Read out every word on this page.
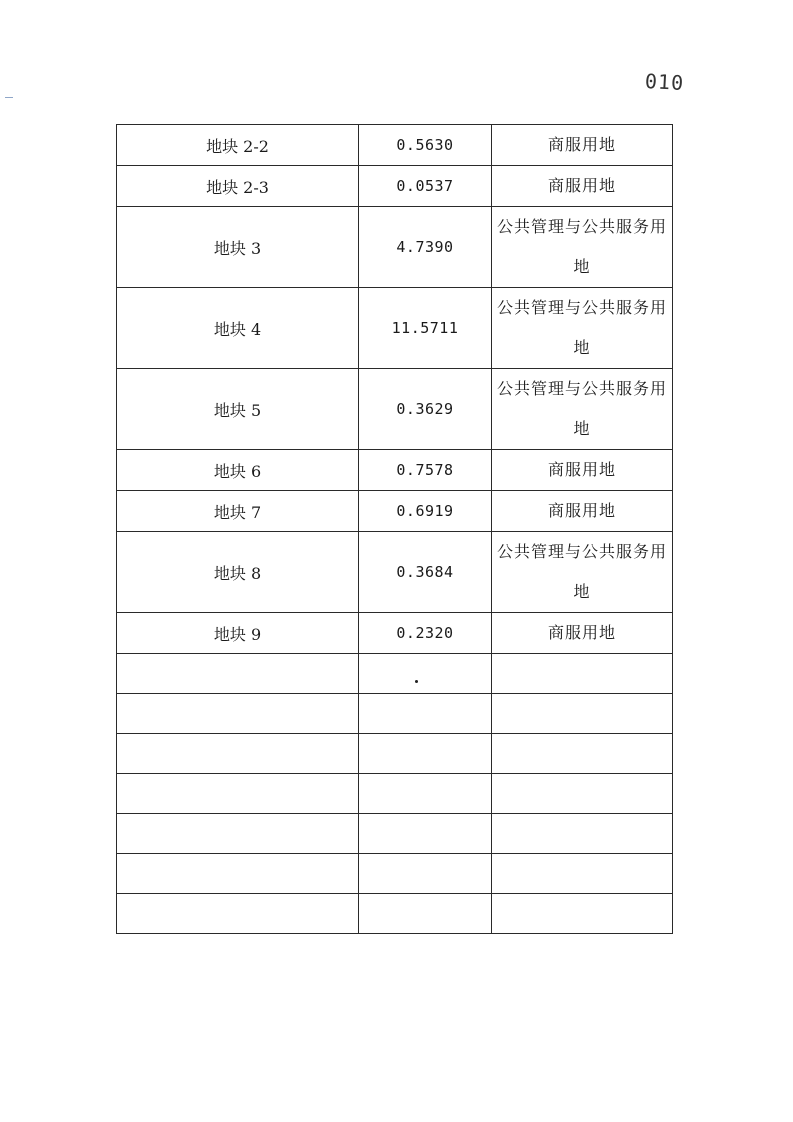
010
地块 2-2	0.5630	商服用地
地块 2-3	0.0537	商服用地
地块 3	4.7390	公共管理与公共服务用地
地块 4	11.5711	公共管理与公共服务用地
地块 5	0.3629	公共管理与公共服务用地
地块 6	0.7578	商服用地
地块 7	0.6919	商服用地
地块 8	0.3684	公共管理与公共服务用地
地块 9	0.2320	商服用地
